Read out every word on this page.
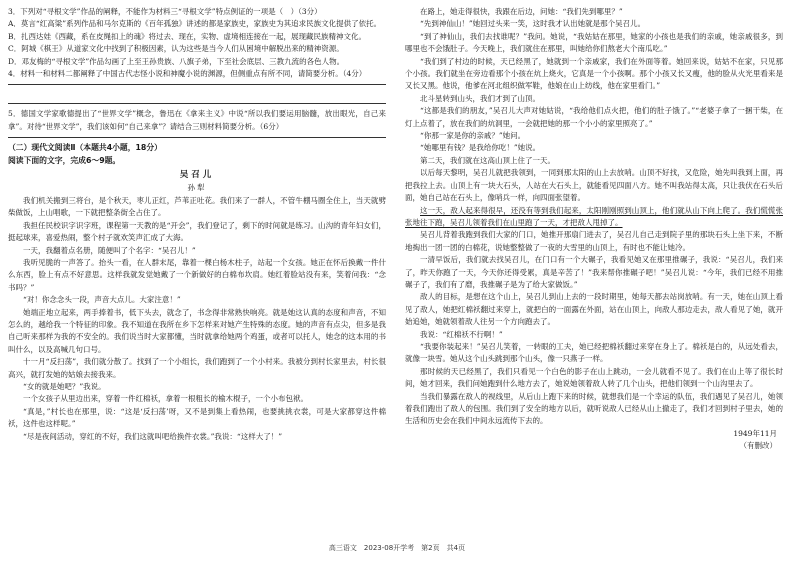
3．下列对“寻根文学”作品的阐释，不能作为材料三“寻根文学”特点例证的一项是（　）（3分）

A．莫言“红高粱”系列作品和马尔克斯的《百年孤独》讲述的都是家族史，家族史为其追求民族文化提供了依托。

B．扎西达娃《西藏，系在皮绳扣上的魂》将过去、现在，实物、虚境相连接在一起，展现藏民族精神文化。

C．阿城《棋王》从道家文化中找到了积极因素，认为这些是当今人们从困境中解脱出来的精神资源。

D．邓友梅的“寻根文学”作品勾画了上至王孙贵族、八旗子弟，下至社会底层、三教九流的各色人物。

4．材料一和材料二都阐释了中国古代志怪小说和神魔小说的渊源，但侧重点有所不同，请简要分析。（4分）

5．德国文学家歌德提出了“世界文学”概念，鲁迅在《拿来主义》中说“所以我们要运用脑髓，放出眼光，自己来拿”。对待“世界文学”，我们该如何“自己来拿”？请结合三则材料简要分析。（6分）

（二）现代文阅读Ⅱ（本题共4小题，18分）

阅读下面的文字，完成6～9题。

吴召儿

孙犁

我们机关搬到三将台，是个秋天，枣儿正红，芦苇正吐花。我们来了一群人，不管牛棚马圈全住上，当天就劈柴做饭，上山唱歌，一下就把整条街全占住了。

我担任民校识字识字班，课程第一天教的是“开会”，我们登记了，剩下的时间就是练习。山沟的青年妇女们，挺起球来，喜爱热闹，整个村子就欢笑声汇成了大海。

一天，我翻着点名册，随便叫了个名字：“吴召儿！”

我听见脆的一声答了。抬头一看，在人群末尾，靠着一棵白杨木柱子，站起一个女孩。她正在怀后换戴一件什么东西，脸上有点不好意思。这样我就发觉她戴了一个新做好的白棉布坎肩。她红着脸站没有来，笑着问我：“念书吗？”

“对！你念念头一段，声音大点儿。大家注意！”

她端正地立起来，两手捧着书，低下头去，就念了，书念得非常熟快响亮。就是她这认真的态度和声音，不知怎么的，越给我一个特征的印象。我不知道在我所在乡下怎样来对她产生特殊的态度。她的声音有点尖，但多是我自己听来那样为我的不安全的。我们说当时大家都懂，当时就拿给她两个鸡蛋，或者可以托人，她念的这本用的书叫什么，以及高喊几句口号。

十一月“反扫荡”，我们就分散了。找到了一个小组长，我们跑到了一个小村来。我被分到村长家里去，村长很高兴，就打发她的姑娘去接我来。

“女的就是她吧？”我说。

一个女孩子从里边出来，穿着一件红棉袄，拿着一根粗长的榆木棍子，一个小布包袱。

“真是，”村长也在那里，说：“这是‘反扫荡’呀，又不是到集上看热闹，也要挑挑衣裳，可是大家都穿这件棉袄，这件也这样呢。”

“尽是夜间活动，穿红的不好，我们这就叫吧给换件衣裳。”我说：“这样大了！”

在路上，她走得很快，我跟在后边，问她：“我们先到哪里？”

“先到神仙山！”她回过头来一笑，这时我才认出她就是那个吴召儿。

“到了神仙山，我们去找谁呢？”我问。她说，“我姑姑在那里，她家的小孩也是我们的亲戚，她亲戚很多，到哪里也不会饿肚子。今天晚上，我们就住在那里，叫她给你们熬老大个南瓜吃。”

“我们到了村边的时候，天已经黑了，她就到一个亲戚家，我们在外面等着。她回来说，姑姑不在家，只见那个小孩。我们就坐在旁边看那个小孩在炕上烧火，它真是一个小孩啊。那个小孩又长又瘦，他的脸从火光里看来是又长又黑。他说，他爹在河北组织做军鞋，他娘在山上纺线，他在家里看门。”

北斗星转到山头，我们才到了山顶。

“这都是我们的朋友，”吴召儿大声对她姑说，“我给他们点火把，他们的肚子饿了。”“老婆子拿了一捆干柴，在灯上点着了，放在我们的炕洞里，一会就把她的那一个小小的家里照亮了。”

“你那一家是你的亲戚？”她问。

“她哪里有钱？是我给你吃！”她说。

第二天，我们就在这高山顶上住了一天。

以后每天黎明，吴召儿就把我领到，一同到那太阳的山上去放哨。山顶不好找，又危险，她先叫我到上面，再把我拉上去。山顶上有一块大石头，人站在大石头上，就能看见四面八方。她不叫我站得太高，只让我伏在石头后面，她自己站在石头上，像哨兵一样，向四面张望着。

这一天，敌人起来得很早，还没有等到我们起来，太阳刚刚照到山顶上，他们就从山下向上爬了。我们慌慌张张地往下跑，吴召儿领着我们在山里跑了一天，才把敌人甩掉了。

吴召儿背着我跑到我们大家的门口，她推开那扇门进去了，吴召儿自己走到院子里的那块石头上坐下来，不断地掏出一团一团的白棉花，说她整整做了一夜的大雪里的山顶上，有时也不能让她冷。

一清早饭后，我们就去找吴召儿，在门口有一个大碾子，我看见她又在那里推碾子，我说：“吴召儿，我们来了，昨天你跑了一天，今天你还得受累，真是辛苦了！”我来帮你推碾子吧！”吴召儿说：“今年，我们已经不用推碾子了，我们有了磨，我推碾子是为了给大家做饭。”

敌人的目标，是想在这个山上，吴召儿到山上去的一段时期里，她每天都去站岗放哨。有一天，她在山顶上看见了敌人，她把红棉袄翻过来穿上，就把白的一面露在外面，站在山顶上，向敌人那边走去，敌人看见了她，就开始追她，她就领着敌人往另一个方向跑去了。

我说：“红棉袄不行啊！”

“我要你装起来！”吴召儿笑着，一转眼的工夫，她已经把棉袄翻过来穿在身上了。棉袄是白的，从远处看去，就像一块雪。她从这个山头跳到那个山头，像一只燕子一样。

那时候的天已经黑了，我们只看见一个白色的影子在山上跳动，一会儿就看不见了。我们在山上等了很长时间，她才回来，我们问她跑到什么地方去了，她说她领着敌人转了几个山头，把他们领到一个山沟里去了。

当我们暴露在敌人的视线里，从后山上跑下来的时候，就想我们是一个幸运的队伍，我们遇见了吴召儿，她领着我们跑出了敌人的包围。我们到了安全的地方以后，就听说敌人已经从山上撤走了，我们才回到村子里去，她的生活和历史会在我们中间永远流传下去的。

1949年11月

（有删改）

高三语文　2023-08开学考　第2页　共4页
